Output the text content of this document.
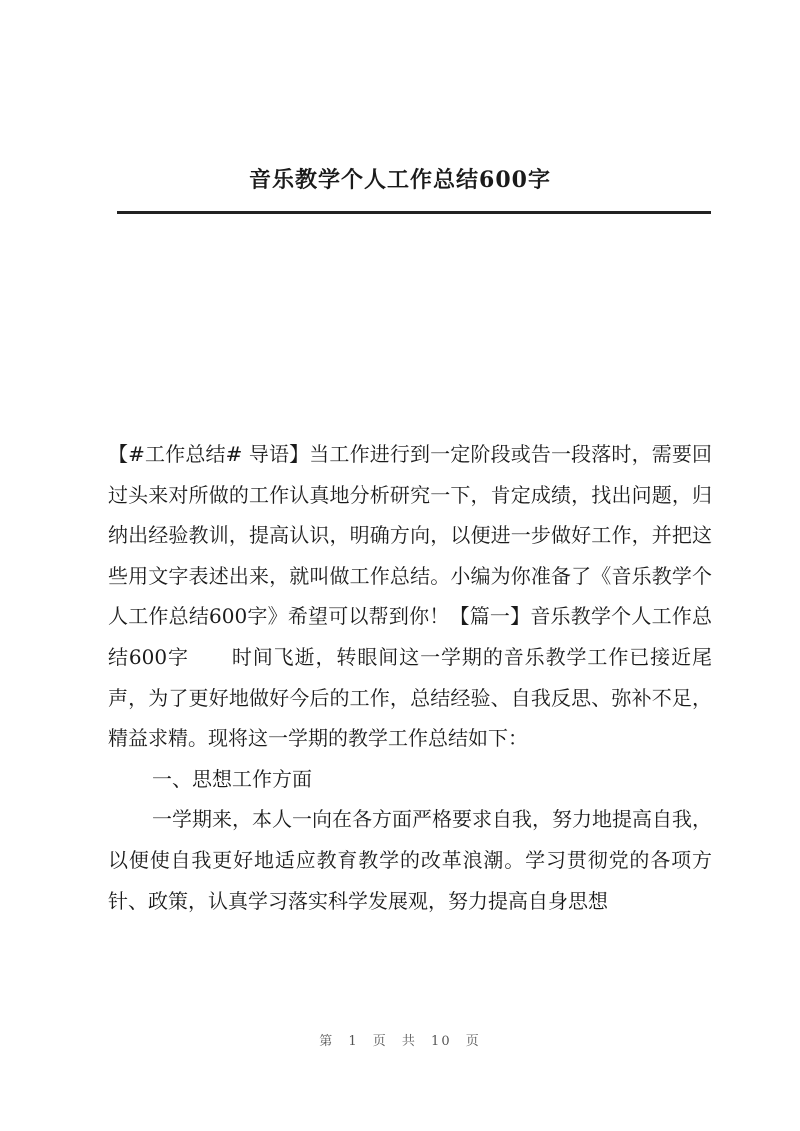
音乐教学个人工作总结600字

【#工作总结# 导语】当工作进行到一定阶段或告一段落时，需要回过头来对所做的工作认真地分析研究一下，肯定成绩，找出问题，归纳出经验教训，提高认识，明确方向，以便进一步做好工作，并把这些用文字表述出来，就叫做工作总结。小编为你准备了《音乐教学个人工作总结600字》希望可以帮到你！【篇一】音乐教学个人工作总结600字 时间飞逝，转眼间这一学期的音乐教学工作已接近尾声，为了更好地做好今后的工作，总结经验、自我反思、弥补不足，精益求精。现将这一学期的教学工作总结如下：

一、思想工作方面

一学期来，本人一向在各方面严格要求自我，努力地提高自我，以便使自我更好地适应教育教学的改革浪潮。学习贯彻党的各项方针、政策，认真学习落实科学发展观，努力提高自身思想

第 1 页 共 10 页
